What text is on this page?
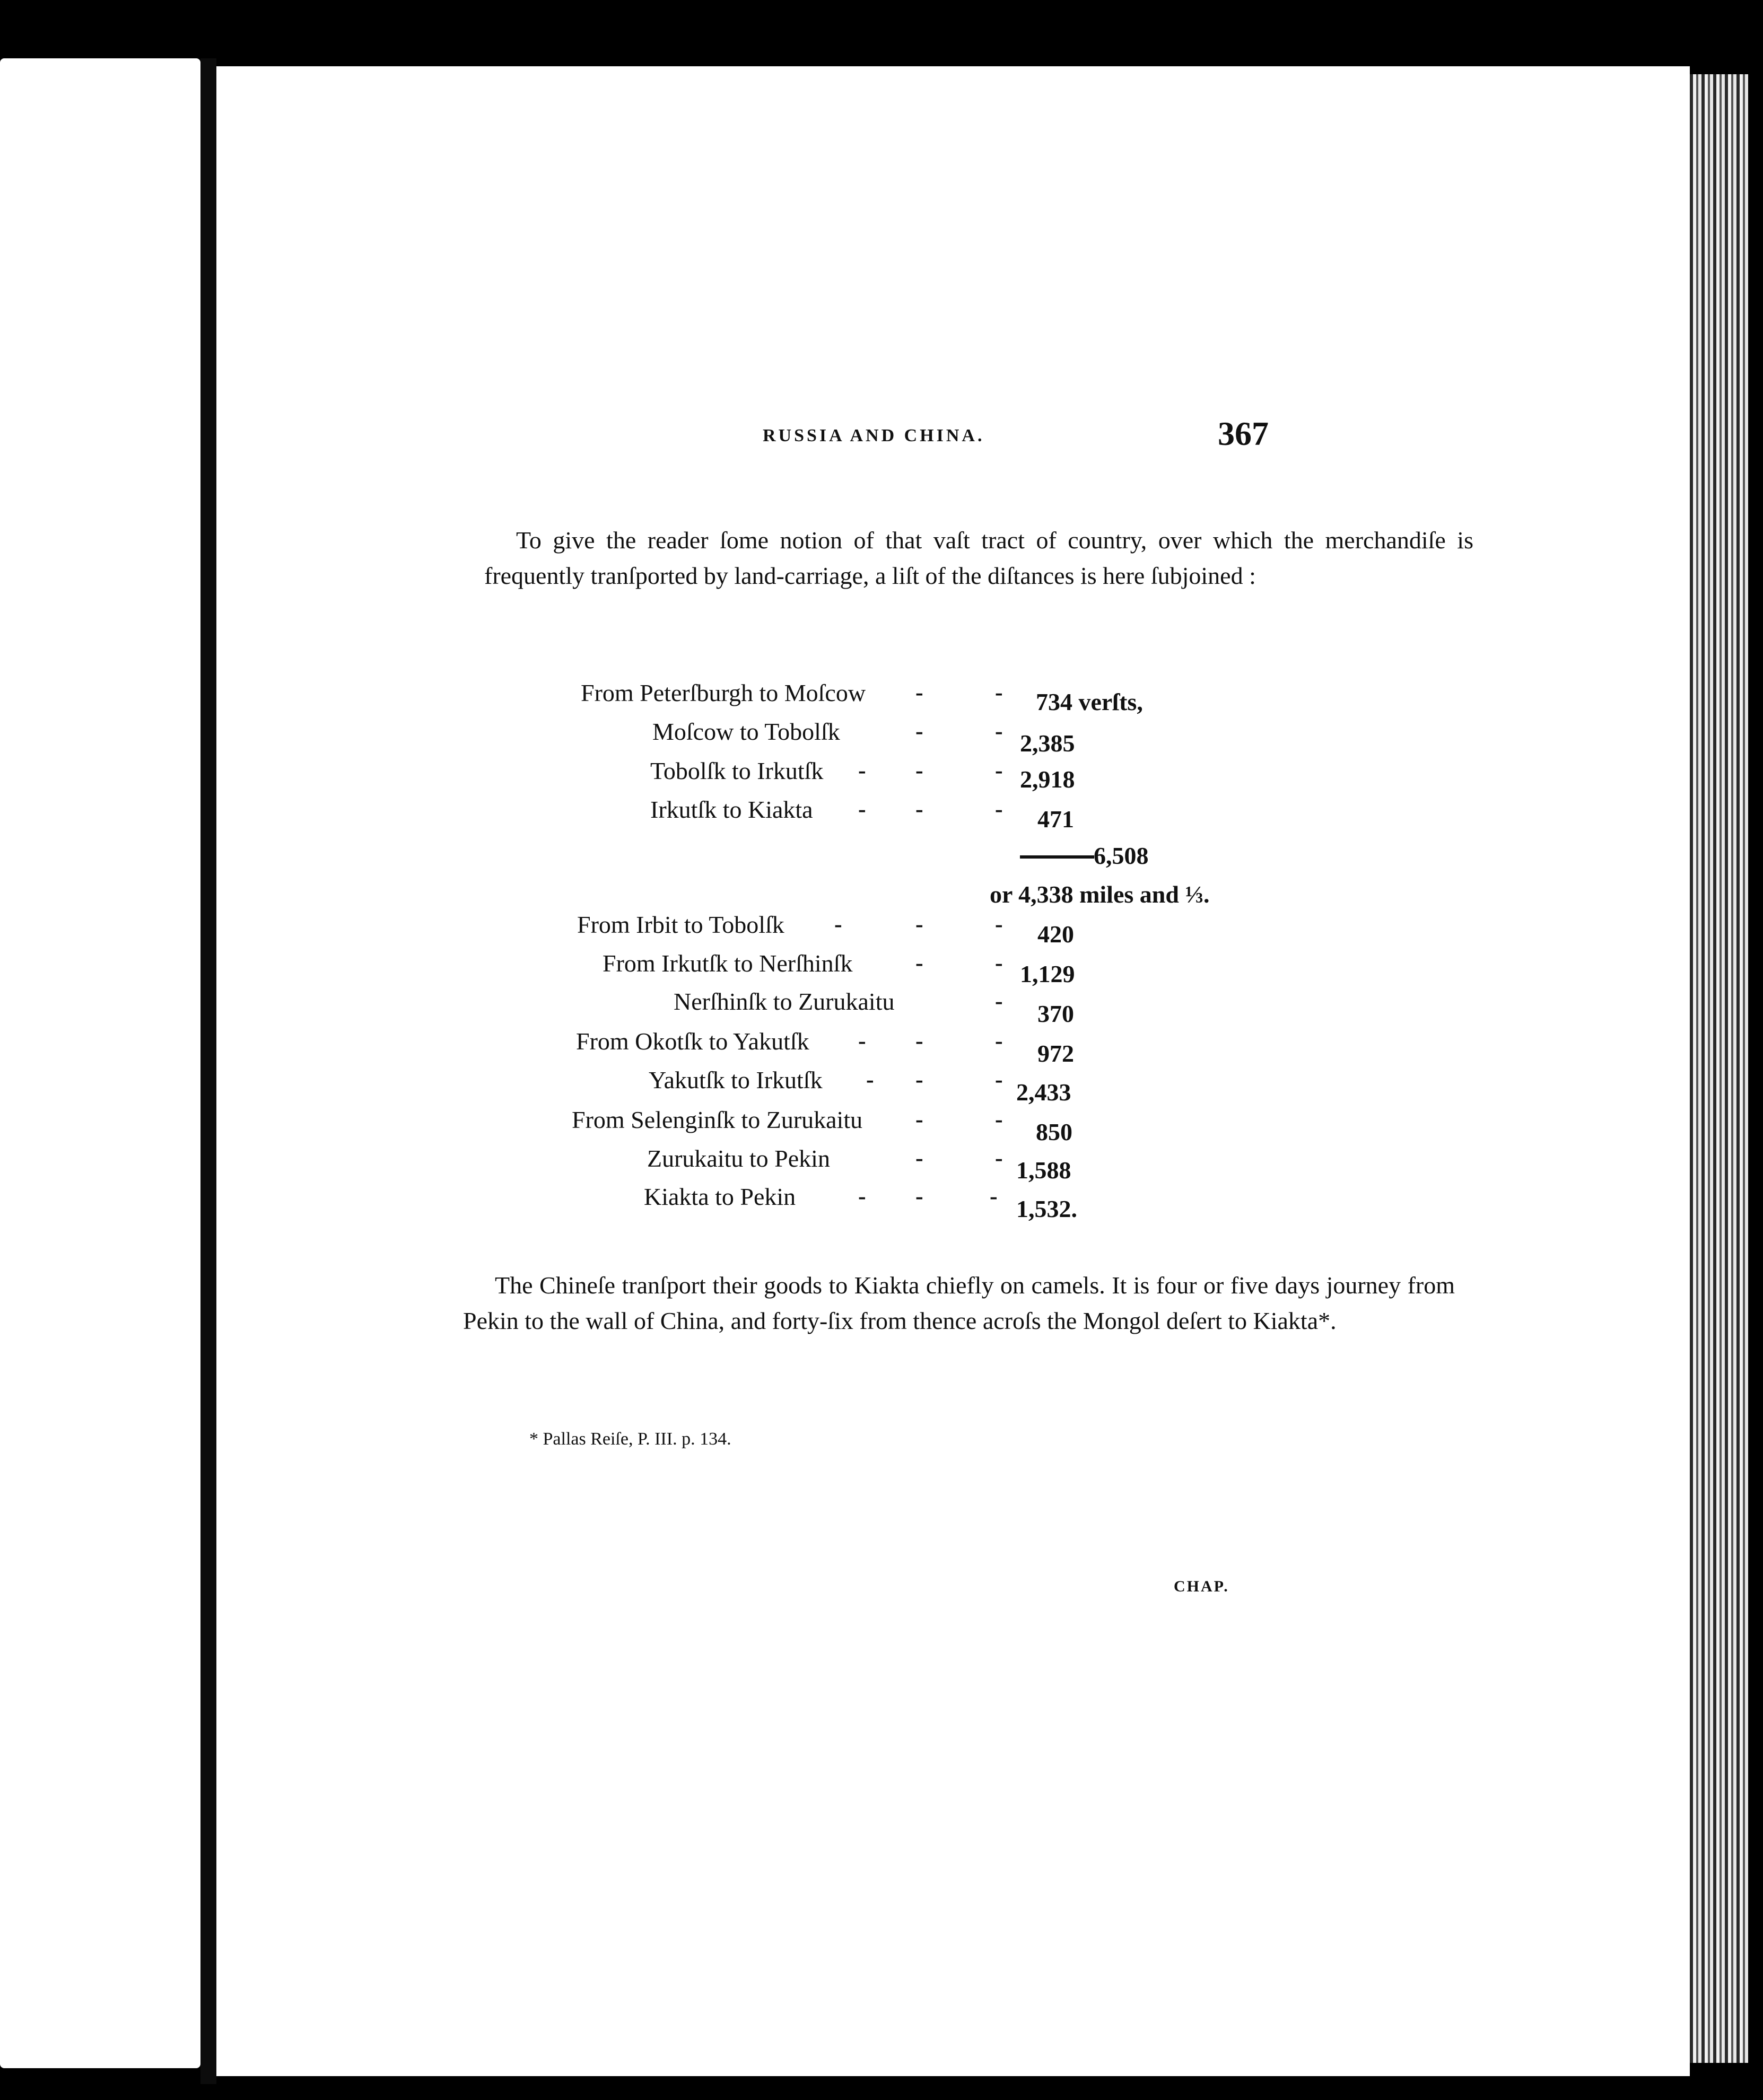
RUSSIA AND CHINA.	367

To give the reader ſome notion of that vaſt tract of country, over which the merchandiſe is frequently tranſported by land-carriage, a liſt of the diſtances is here ſubjoined :

From Peterſburgh to Moſcow -	- 734 verſts,
Moſcow to Tobolſk	-	- 2,385
Tobolſk to Irkutſk - -	- 2,918
Irkutſk to Kiakta - -	- 471
6,508
or 4,338 miles and ⅓.
From Irbit to Tobolſk -	-	- 420
From Irkutſk to Nerſhinſk	-	- 1,129
Nerſhinſk to Zurukaitu	- 370
From Okotſk to Yakutſk - -	- 972
Yakutſk to Irkutſk - -	- 2,433
From Selenginſk to Zurukaitu -	- 850
Zurukaitu to Pekin	-	- 1,588
Kiakta to Pekin	- -	- 1,532.

The Chineſe tranſport their goods to Kiakta chiefly on camels. It is four or five days journey from Pekin to the wall of China, and forty-ſix from thence acroſs the Mongol deſert to Kiakta*.

* Pallas Reiſe, P. III. p. 134.
CHAP.
